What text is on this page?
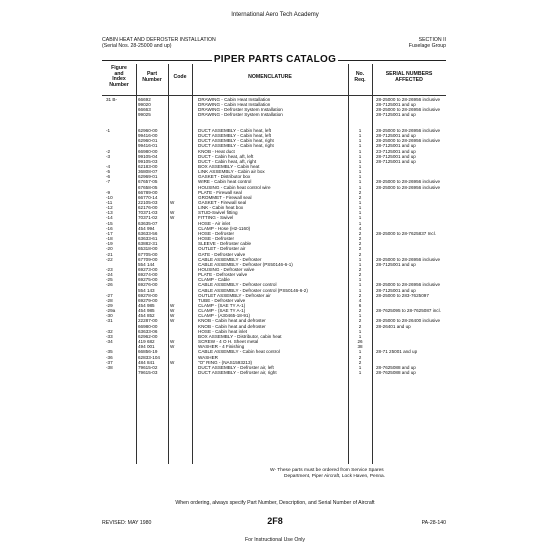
International Aero Tech Academy
CABIN HEAT AND DEFROSTER INSTALLATION
(Serial Nos. 28-25000 and up)
SECTION II
Fuselage Group
PIPER PARTS CATALOG
Figure
and
Index
Number
Part
Number	Code	NOMENCLATURE	No.
Req.
SERIAL NUMBERS
AFFECTED
31 B-	66692	DRAWING - Cabin Heat Installation	28-25000 to 28-26956 inclusive
99020	DRAWING - Cabin Heat Installation	28-7125001 and up
66663	DRAWING - Defroster System Installation	28-25000 to 28-26956 inclusive
99025	DRAWING - Defroster System Installation	28-7125001 and up
-1	62960-00	DUCT ASSEMBLY - Cabin heat, left	1	28-25000 to 28-26956 inclusive
99416-00	DUCT ASSEMBLY - Cabin heat, left	1	28-7125001 and up
62960-01	DUCT ASSEMBLY - Cabin heat, right	1	28-25000 to 28-26956 inclusive
99416-01	DUCT ASSEMBLY - Cabin heat, right	1	28-7125001 and up
-2	66980-00	KNOB - Heat duct	1	23-7125001 and up
-3	99105-04	DUCT - Cabin heat, aft, left	1	28-7125001 and up
99105-03	DUCT - Cabin heat, aft, right	1	28-7125001 and up
-4	62183-00	BOX ASSEMBLY - Cabin heat	1
-5	36808-07	LINK ASSEMBLY - Cabin air box	1
-6	62969-01	GASKET - Distributor box	1
-7	67657-05	WIRE - Cabin heat control	1	28-25000 to 28-26956 inclusive
67658-05	HOUSING - Cabin heat control wire	1	28-25000 to 28-26956 inclusive
-9	66789-00	PLATE - Firewall seal	2
-10	66770-14	GROMMET - Firewall seal	2
-11	22105-03	W	GASKET - Firewall seal	1
-12	62176-00	LINK - Cabin heat box	1
-13	70371-03	W	STUD-Swivel fitting	1
-14	70371-02	W	FITTING - Swivel	1
-15	63635-07	HOSE - Air inlet	1
-16	454 994	CLAMP - Hose (H2-1160)	4
-17	63633-56	HOSE - Defroster	2	28-25000 to 28-7625837 Incl.
-18	63633-61	HOSE - Defroster	2
-19	63882-31	SLEEVE - Defroster cable	2
-20	65318-00	OUTLET - Defroster air	2
-21	67705-00	GATE - Defroster valve	2
-22	67709-00	CABLE ASSEMBLY - Defroster	1	28-25000 to 28-26956 inclusive
554 144	CABLE ASSEMBLY - Defroster (PS50146-6-1)	1	28-7125001 and up
-23	69273-00	HOUSING - Defroster valve	2
-24	69274-00	PLATE - Defroster valve	2
-25	69275-00	CLAMP - Cable	1
-26	69276-00	CABLE ASSEMBLY - Defroster control	1	28-25000 to 28-26956 inclusive
554 143	CABLE ASSEMBLY - Defroster control (PS50146-6-2)	1	28-7125001 and up
-27	69278-00	OUTLET ASSEMBLY - Defroster air	2	28-25000 to 283-7625097
-28	69279-00	TUBE - Defroster valve	4
-29	454 985	W	CLAMP - (SAE TY A-1)	6
-29a	454 985	W	CLAMP - (SAE TY A-1)	2	28-7625095 to 28-7625087 incl.
-30	454 852	W	CLAMP - (A30465-18-91)	1
-31	22287-00	W	KNOB - Cabin heat and defroster	2	28-25000 to 28-26400 inclusive
66980-00	KNOB - Cabin heat and defroster	2	28-26401 and up
-32	63633-06	HOSE - Cabin heat inlet	1
-33	62962-00	BOX ASSEMBLY - Distributor, cabin heat	1
-34	419 682	W	SCREW - 4 O H. Sheet metal	26
494 001	W	WASHER - 4 Finishing	38
-35	66856-19	CABLE ASSEMBLY - Cabin heat control	1	28-71 25001 and up
-36	62833-104	WASHER	2
-37	484 841	W	"O" RING - (NAS1593213)	2
-38	79615-02	DUCT ASSEMBLY - Defroster air, left	1	28-7625088 and up
79615-03	DUCT ASSEMBLY - Defroster air, right	1	28-7625088 and up
W- These parts must be ordered from Service Spares
Department, Piper Aircraft, Lock Haven, Penna.
When ordering, always specify Part Number, Description, and Serial Number of Aircraft
REVISED: MAY 1980	2F8	PA-28-140
For Instructional Use Only
